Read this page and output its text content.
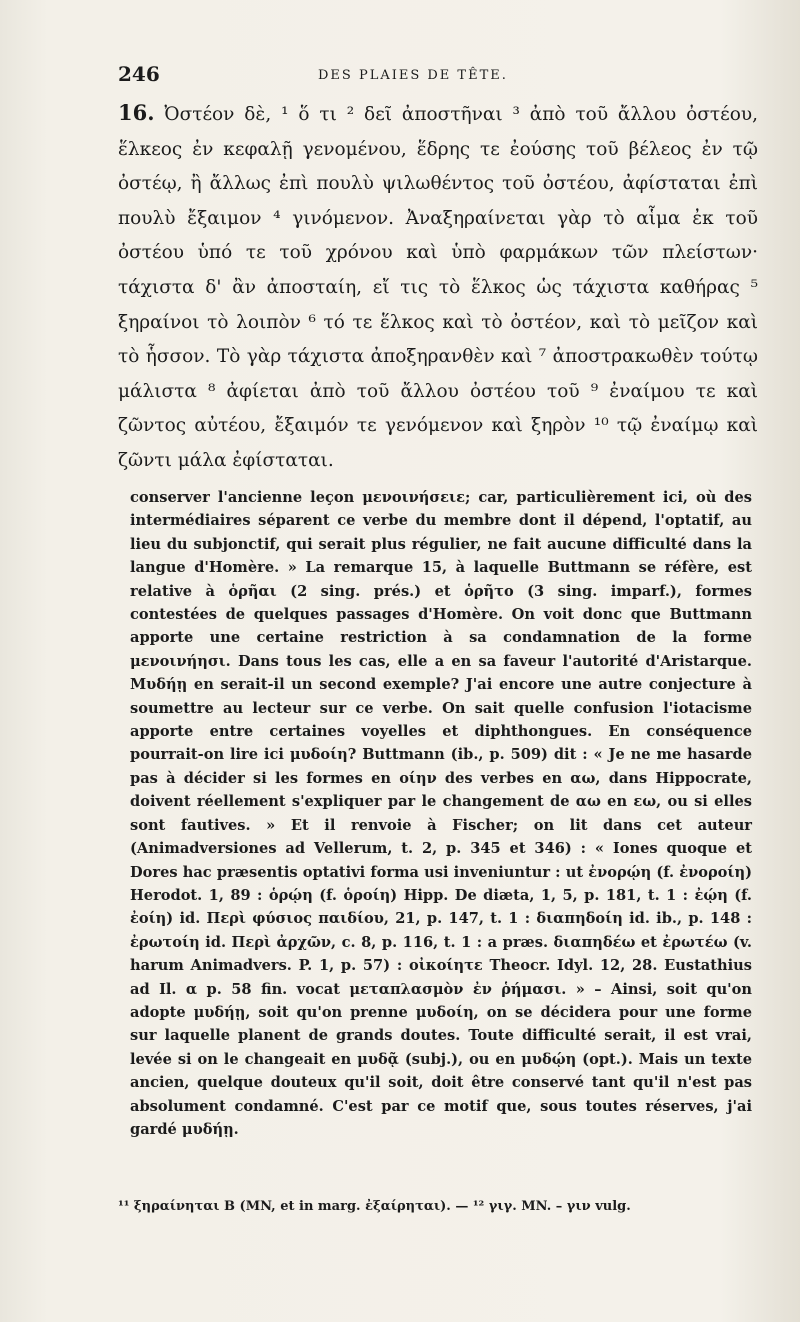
246	DES PLAIES DE TÊTE.
16. Ὀστέον δὲ, ¹ ὅ τι ² δεῖ ἀποστῆναι ³ ἀπὸ τοῦ ἄλλου ὀστέου, ἕλκεος ἐν κεφαλῇ γενομένου, ἕδρης τε ἐούσης τοῦ βέλεος ἐν τῷ ὀστέῳ, ἢ ἄλλως ἐπὶ πουλὺ ψιλωθέντος τοῦ ὀστέου, ἀφίσταται ἐπὶ πουλὺ ἔξαιμον ⁴ γινόμενον. Ἀναξηραίνεται γὰρ τὸ αἷμα ἐκ τοῦ ὀστέου ὑπό τε τοῦ χρόνου καὶ ὑπὸ φαρμάκων τῶν πλείστων· τάχιστα δ' ἂν ἀποσταίη, εἴ τις τὸ ἕλκος ὡς τάχιστα καθήρας ⁵ ξηραίνοι τὸ λοιπὸν ⁶ τό τε ἕλκος καὶ τὸ ὀστέον, καὶ τὸ μεῖζον καὶ τὸ ἧσσον. Τὸ γὰρ τάχιστα ἀποξηρανθὲν καὶ ⁷ ἀποστρακωθὲν τούτῳ μάλιστα ⁸ ἀφίεται ἀπὸ τοῦ ἄλλου ὀστέου τοῦ ⁹ ἐναίμου τε καὶ ζῶντος αὐτέου, ἔξαιμόν τε γενόμενον καὶ ξηρὸν ¹⁰ τῷ ἐναίμῳ καὶ ζῶντι μάλα ἐφίσταται.

conserver l'ancienne leçon μενοινήσειε; car, particulièrement ici, où des intermédiaires séparent ce verbe du membre dont il dépend, l'optatif, au lieu du subjonctif, qui serait plus régulier, ne fait aucune difficulté dans la langue d'Homère. » La remarque 15, à laquelle Buttmann se réfère, est relative à ὁρῆαι (2 sing. prés.) et ὁρῆτο (3 sing. imparf.), formes contestées de quelques passages d'Homère. On voit donc que Buttmann apporte une certaine restriction à sa condamnation de la forme μενοινήησι. Dans tous les cas, elle a en sa faveur l'autorité d'Aristarque. Μυδήῃ en serait-il un second exemple? J'ai encore une autre conjecture à soumettre au lecteur sur ce verbe. On sait quelle confusion l'iotacisme apporte entre certaines voyelles et diphthongues. En conséquence pourrait-on lire ici μυδοίη? Buttmann (ib., p. 509) dit : « Je ne me hasarde pas à décider si les formes en οίην des verbes en αω, dans Hippocrate, doivent réellement s'expliquer par le changement de αω en εω, ou si elles sont fautives. » Et il renvoie à Fischer; on lit dans cet auteur (Animadversiones ad Vellerum, t. 2, p. 345 et 346) : « Iones quoque et Dores hac præsentis optativi forma usi inveniuntur : ut ἐνορῴη (f. ἐνοροίη) Herodot. 1, 89 : ὁρῴη (f. ὁροίη) Hipp. De diæta, 1, 5, p. 181, t. 1 : ἐῴη (f. ἐοίη) id. Περὶ φύσιος παιδίου, 21, p. 147, t. 1 : διαπηδοίη id. ib., p. 148 : ἐρωτοίη id. Περὶ ἀρχῶν, c. 8, p. 116, t. 1 : a præs. διαπηδέω et ἐρωτέω (v. harum Animadvers. P. 1, p. 57) : οἰκοίητε Theocr. Idyl. 12, 28. Eustathius ad Il. α p. 58 fin. vocat μεταπλασμὸν ἐν ῥήμασι. » – Ainsi, soit qu'on adopte μυδήῃ, soit qu'on prenne μυδοίη, on se décidera pour une forme sur laquelle planent de grands doutes. Toute difficulté serait, il est vrai, levée si on le changeait en μυδᾷ (subj.), ou en μυδῴη (opt.). Mais un texte ancien, quelque douteux qu'il soit, doit être conservé tant qu'il n'est pas absolument condamné. C'est par ce motif que, sous toutes réserves, j'ai gardé μυδήῃ.

¹¹ ξηραίνηται B (MN, et in marg. ἐξαίρηται). — ¹² γιγ. MN. – γιν vulg.
